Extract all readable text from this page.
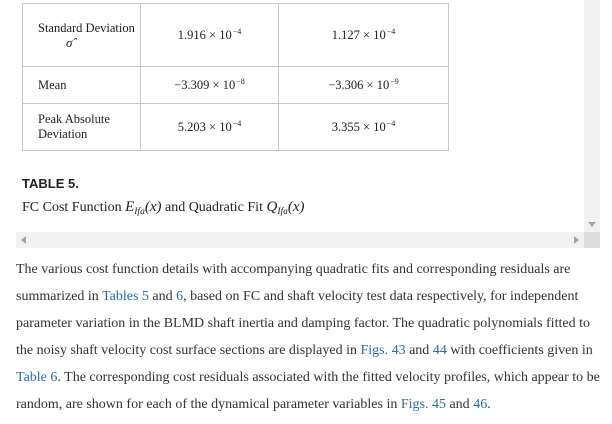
Standard Deviation
σ̂	$1.916 \times 10^{-4}$	$1.127 \times 10^{-4}$
Mean	$-3.309 \times 10^{-8}$	$-3.306 \times 10^{-9}$
Peak Absolute Deviation	$5.203 \times 10^{-4}$	$3.355 \times 10^{-4}$

TABLE 5.

FC Cost Function $E_{Ifa}(x)$ and Quadratic Fit $Q_{Ifa}(x)$

The various cost function details with accompanying quadratic fits and corresponding residuals are summarized in Tables 5 and 6, based on FC and shaft velocity test data respectively, for independent parameter variation in the BLMD shaft inertia and damping factor. The quadratic polynomials fitted to the noisy shaft velocity cost surface sections are displayed in Figs. 43 and 44 with coefficients given in Table 6. The corresponding cost residuals associated with the fitted velocity profiles, which appear to be random, are shown for each of the dynamical parameter variables in Figs. 45 and 46.
